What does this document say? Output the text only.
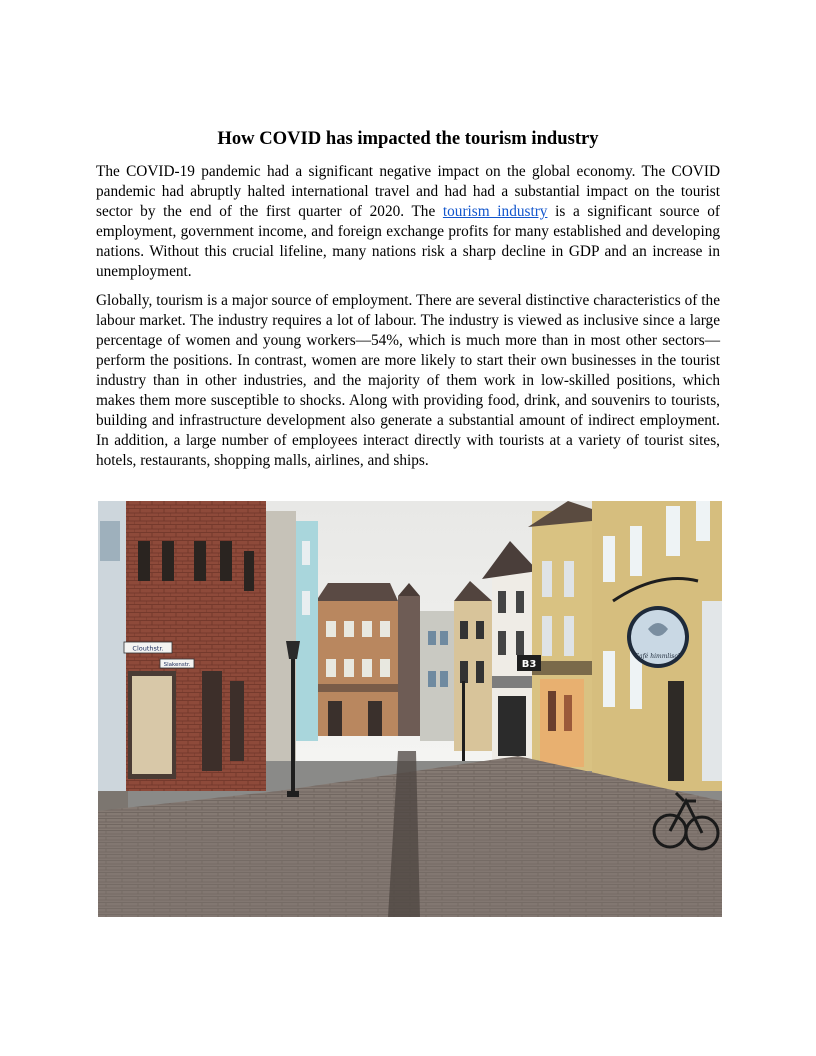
How COVID has impacted the tourism industry

The COVID-19 pandemic had a significant negative impact on the global economy. The COVID pandemic had abruptly halted international travel and had had a substantial impact on the tourist sector by the end of the first quarter of 2020. The tourism industry is a significant source of employment, government income, and foreign exchange profits for many established and developing nations. Without this crucial lifeline, many nations risk a sharp decline in GDP and an increase in unemployment.

Globally, tourism is a major source of employment. There are several distinctive characteristics of the labour market. The industry requires a lot of labour. The industry is viewed as inclusive since a large percentage of women and young workers—54%, which is much more than in most other sectors—perform the positions. In contrast, women are more likely to start their own businesses in the tourist industry than in other industries, and the majority of them work in low-skilled positions, which makes them more susceptible to shocks. Along with providing food, drink, and souvenirs to tourists, building and infrastructure development also generate a substantial amount of indirect employment. In addition, a large number of employees interact directly with tourists at a variety of tourist sites, hotels, restaurants, shopping malls, airlines, and ships.

Clouthstr.
Slakenstr.	B3
Café himmlisch
